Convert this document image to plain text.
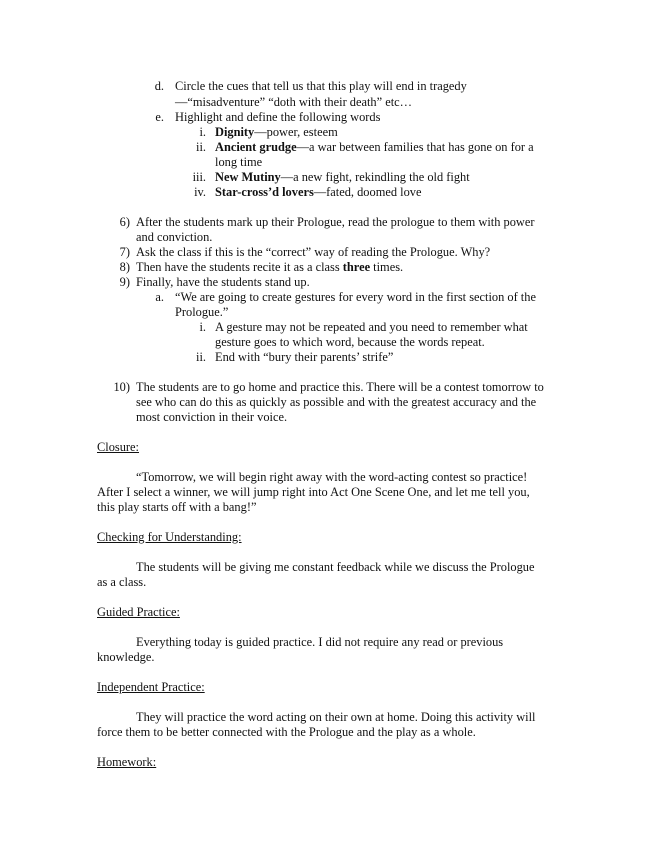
d. Circle the cues that tell us that this play will end in tragedy
—“misadventure” “doth with their death” etc…
e. Highlight and define the following words
i. Dignity—power, esteem
ii. Ancient grudge—a war between families that has gone on for a
long time
iii. New Mutiny—a new fight, rekindling the old fight
iv. Star-cross’d lovers—fated, doomed love
6) After the students mark up their Prologue, read the prologue to them with power
and conviction.
7) Ask the class if this is the “correct” way of reading the Prologue. Why?
8) Then have the students recite it as a class three times.
9) Finally, have the students stand up.
a. “We are going to create gestures for every word in the first section of the
Prologue.”
i. A gesture may not be repeated and you need to remember what
gesture goes to which word, because the words repeat.
ii. End with “bury their parents’ strife”
10) The students are to go home and practice this. There will be a contest tomorrow to
see who can do this as quickly as possible and with the greatest accuracy and the
most conviction in their voice.
Closure:
“Tomorrow, we will begin right away with the word-acting contest so practice!
After I select a winner, we will jump right into Act One Scene One, and let me tell you,
this play starts off with a bang!”
Checking for Understanding:
The students will be giving me constant feedback while we discuss the Prologue
as a class.
Guided Practice:
Everything today is guided practice. I did not require any read or previous
knowledge.
Independent Practice:
They will practice the word acting on their own at home. Doing this activity will
force them to be better connected with the Prologue and the play as a whole.
Homework:
